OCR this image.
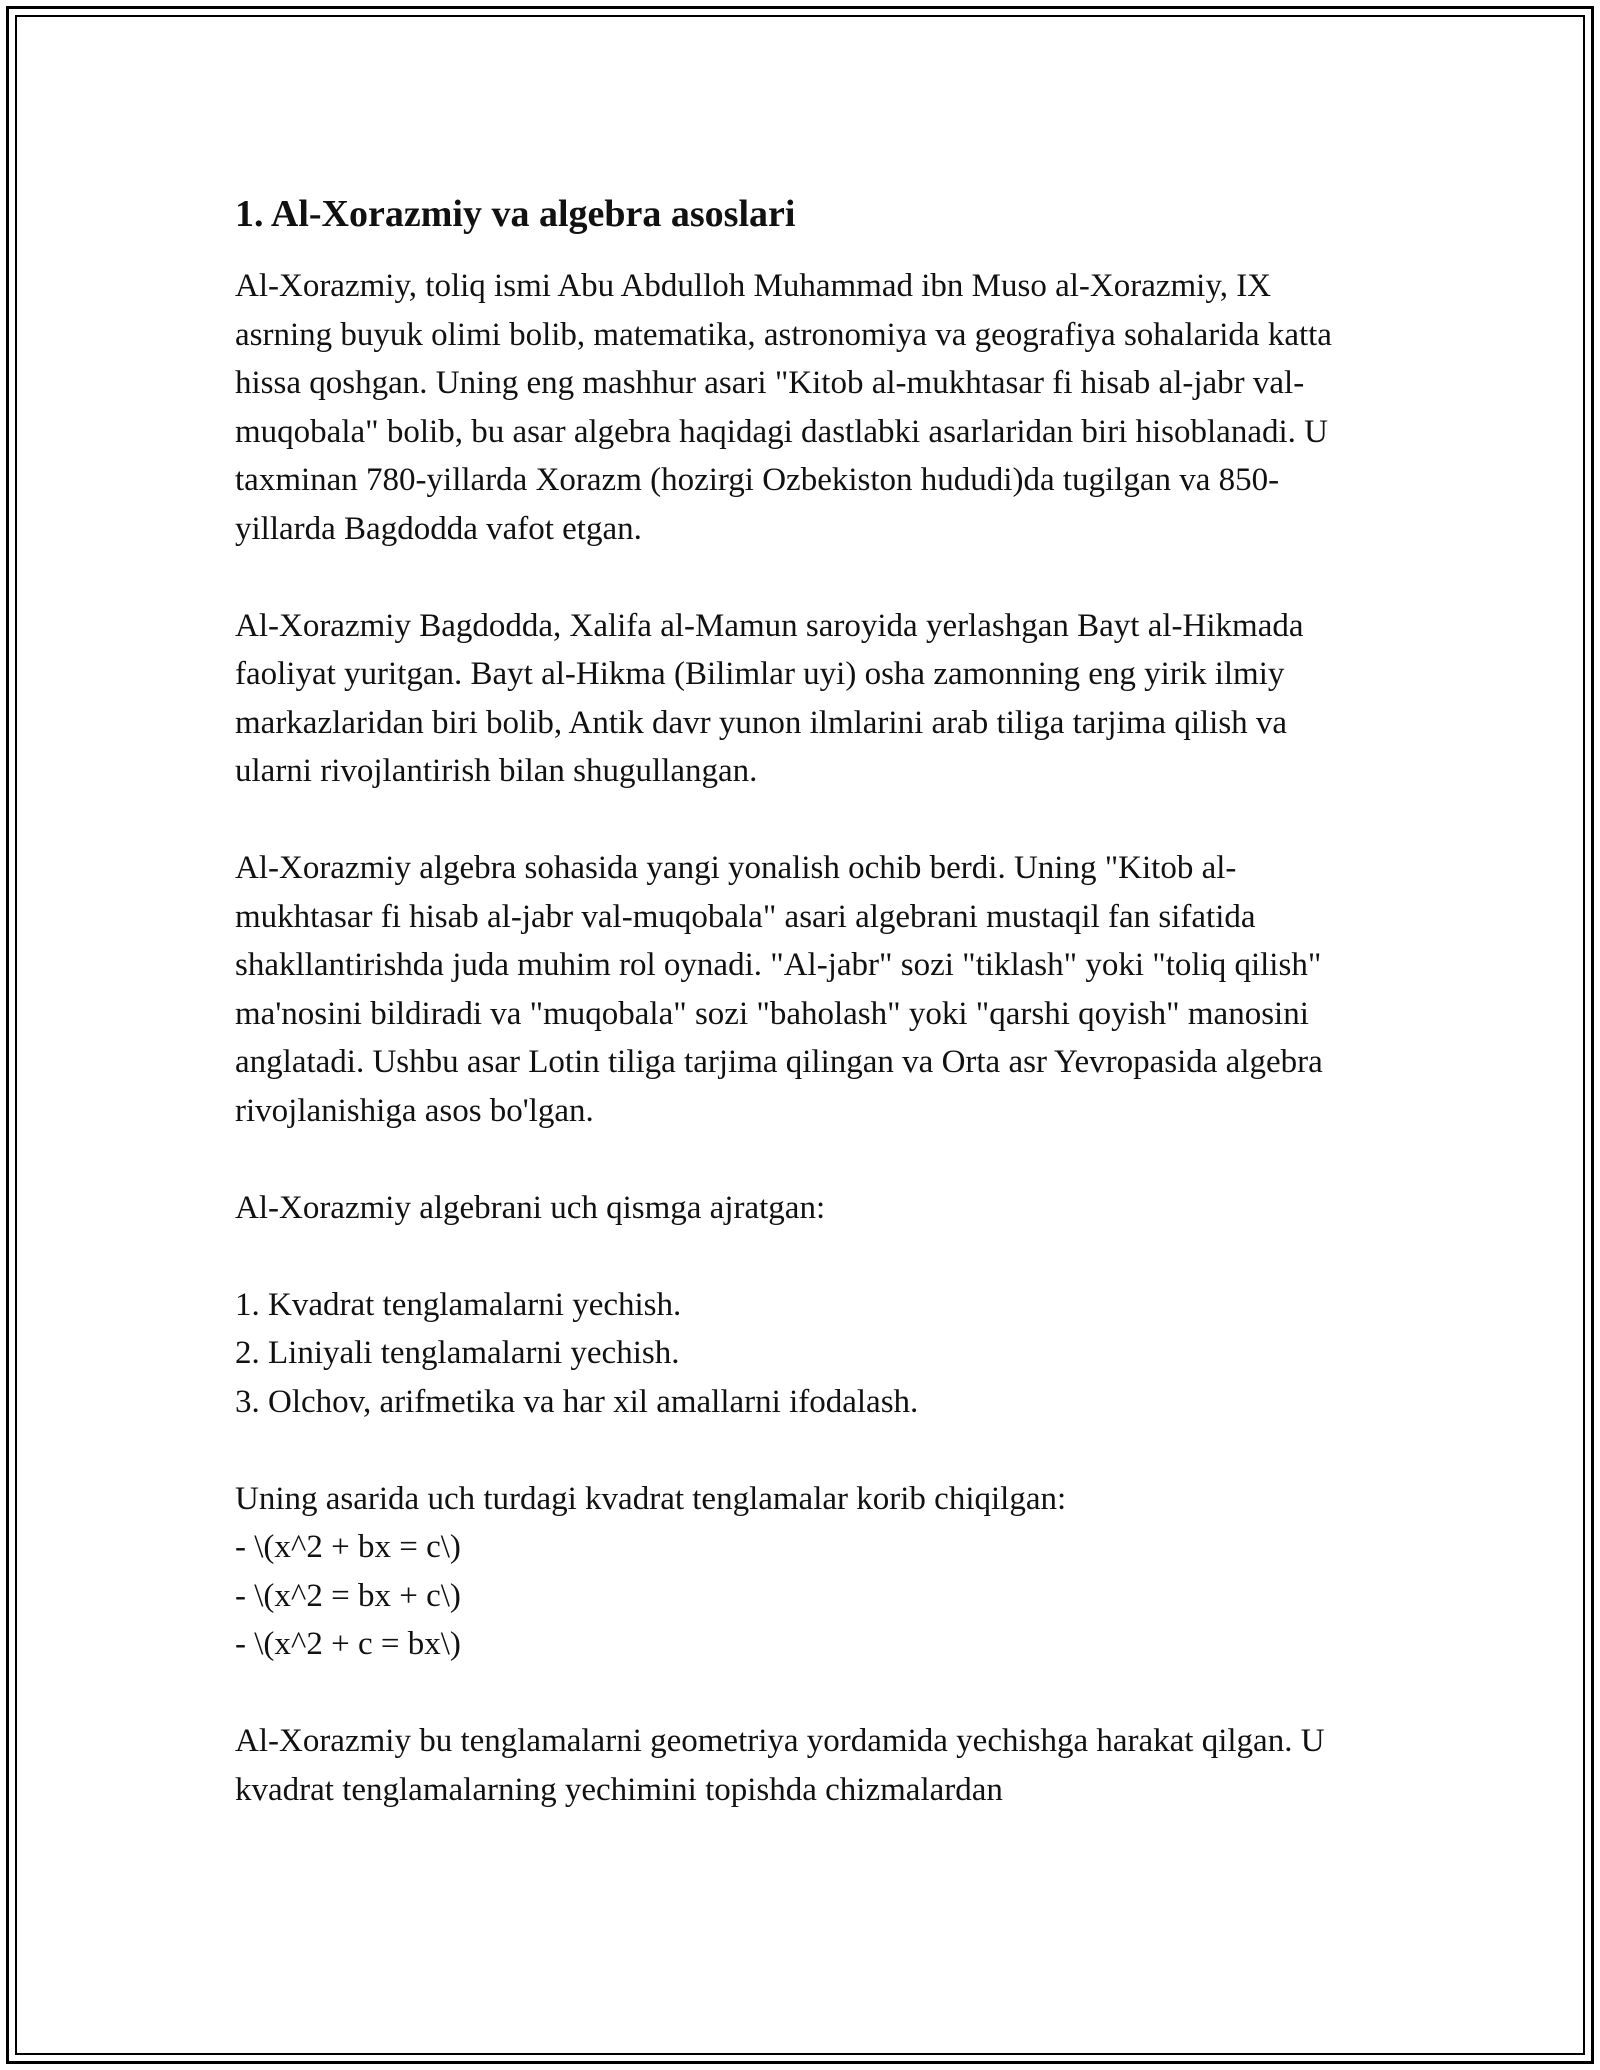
1. Al-Xorazmiy va algebra asoslari

Al-Xorazmiy, toliq ismi Abu Abdulloh Muhammad ibn Muso al-Xorazmiy, IX asrning buyuk olimi bolib, matematika, astronomiya va geografiya sohalarida katta hissa qoshgan. Uning eng mashhur asari "Kitob al-mukhtasar fi hisab al-jabr val-muqobala" bolib, bu asar algebra haqidagi dastlabki asarlaridan biri hisoblanadi. U taxminan 780-yillarda Xorazm (hozirgi Ozbekiston hududi)da tugilgan va 850-yillarda Bagdodda vafot etgan.

Al-Xorazmiy Bagdodda, Xalifa al-Mamun saroyida yerlashgan Bayt al-Hikmada faoliyat yuritgan. Bayt al-Hikma (Bilimlar uyi) osha zamonning eng yirik ilmiy markazlaridan biri bolib, Antik davr yunon ilmlarini arab tiliga tarjima qilish va ularni rivojlantirish bilan shugullangan.

Al-Xorazmiy algebra sohasida yangi yonalish ochib berdi. Uning "Kitob al-mukhtasar fi hisab al-jabr val-muqobala" asari algebrani mustaqil fan sifatida shakllantirishda juda muhim rol oynadi. "Al-jabr" sozi "tiklash" yoki "toliq qilish" ma'nosini bildiradi va "muqobala" sozi "baholash" yoki "qarshi qoyish" manosini anglatadi. Ushbu asar Lotin tiliga tarjima qilingan va Orta asr Yevropasida algebra rivojlanishiga asos bo'lgan.

Al-Xorazmiy algebrani uch qismga ajratgan:

1. Kvadrat tenglamalarni yechish.

2. Liniyali tenglamalarni yechish.

3. Olchov, arifmetika va har xil amallarni ifodalash.

Uning asarida uch turdagi kvadrat tenglamalar korib chiqilgan:

- \(x^2 + bx = c\)

- \(x^2 = bx + c\)

- \(x^2 + c = bx\)

Al-Xorazmiy bu tenglamalarni geometriya yordamida yechishga harakat qilgan. U kvadrat tenglamalarning yechimini topishda chizmalardan
